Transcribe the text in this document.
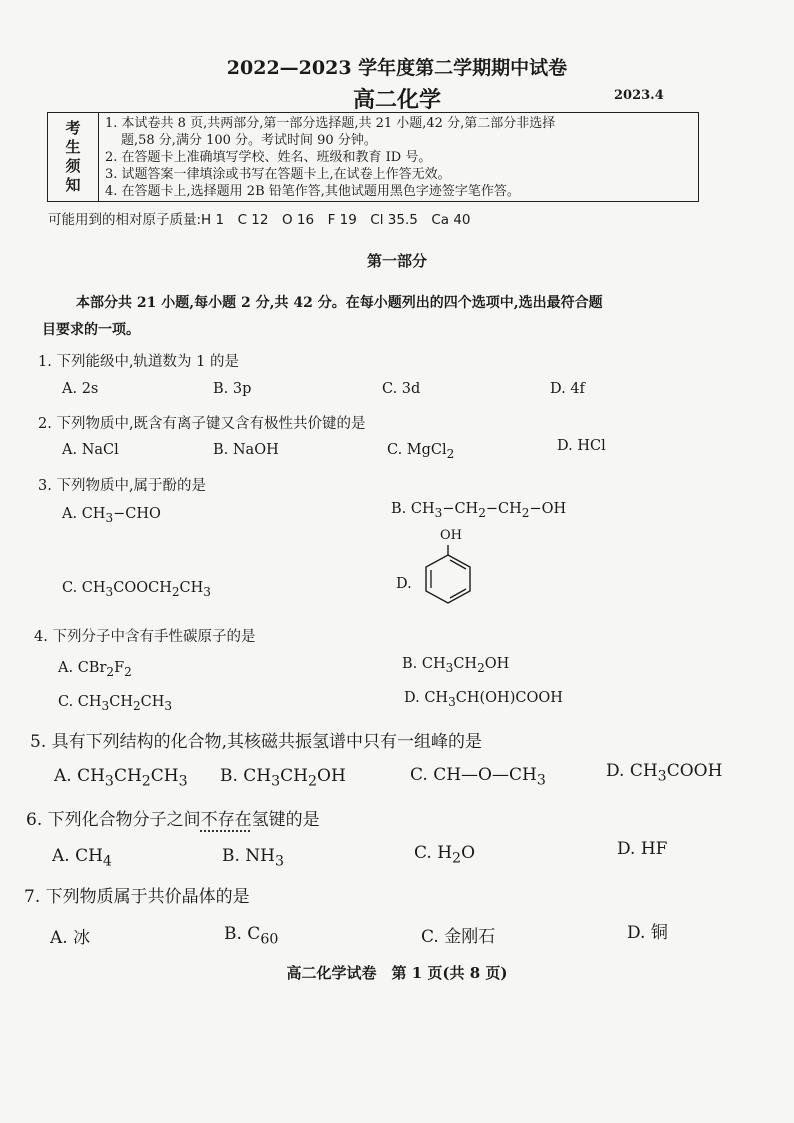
2022—2023 学年度第二学期期中试卷
高二化学	2023.4
考
生
须
知
1. 本试卷共 8 页,共两部分,第一部分选择题,共 21 小题,42 分,第二部分非选择
题,58 分,满分 100 分。考试时间 90 分钟。
2. 在答题卡上准确填写学校、姓名、班级和教育 ID 号。
3. 试题答案一律填涂或书写在答题卡上,在试卷上作答无效。
4. 在答题卡上,选择题用 2B 铅笔作答,其他试题用黑色字迹签字笔作答。
可能用到的相对原子质量:H 1　C 12　O 16　F 19　Cl 35.5　Ca 40
第一部分
本部分共 21 小题,每小题 2 分,共 42 分。在每小题列出的四个选项中,选出最符合题
目要求的一项。
1. 下列能级中,轨道数为 1 的是
A. 2s	B. 3p	C. 3d	D. 4f
2. 下列物质中,既含有离子键又含有极性共价键的是
A. NaCl	B. NaOH	C. MgCl$_2$	D. HCl
3. 下列物质中,属于酚的是
A. $CH_3-CHO$	B. $CH_3-CH_2-CH_2-OH$
C. $CH_3COOCH_2CH_3$	D.
OH
4. 下列分子中含有手性碳原子的是
A. $CBr_2F_2$	B. $CH_3CH_2OH$
C. $CH_3CH_2CH_3$	D. $CH_3CH(OH)COOH$
5. 具有下列结构的化合物,其核磁共振氢谱中只有一组峰的是
A. $CH_3CH_2CH_3$ B. $CH_3CH_2OH$	C. $CH—O—CH_3$	D. $CH_3COOH$
6. 下列化合物分子之间不存在氢键的是
A. $CH_4$	B. $NH_3$	C. $H_2O$	D. HF
7. 下列物质属于共价晶体的是
A. 冰	B. $C_{60}$	C. 金刚石	D. 铜
高二化学试卷　第 1 页(共 8 页)
